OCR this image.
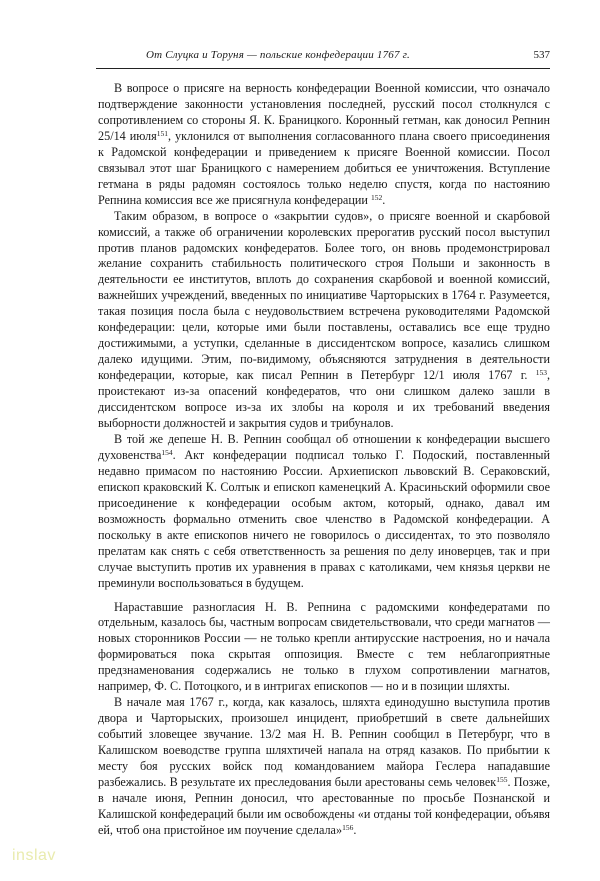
От Слуцка и Торуня — польские конфедерации 1767 г.	537

В вопросе о присяге на верность конфедерации Военной комиссии, что означало подтверждение законности установления последней, русский посол столкнулся с сопротивлением со стороны Я. К. Браницкого. Коронный гетман, как доносил Репнин 25/14 июля$^{151}$, уклонился от выполнения согласованного плана своего присоединения к Радомской конфедерации и приведением к присяге Военной комиссии. Посол связывал этот шаг Браницкого с намерением добиться ее уничтожения. Вступление гетмана в ряды радомян состоялось только неделю спустя, когда по настоянию Репнина комиссия все же присягнула конфедерации $^{152}$.

Таким образом, в вопросе о «закрытии судов», о присяге военной и скарбовой комиссий, а также об ограничении королевских прерогатив русский посол выступил против планов радомских конфедератов. Более того, он вновь продемонстрировал желание сохранить стабильность политического строя Польши и законность в деятельности ее институтов, вплоть до сохранения скарбовой и военной комиссий, важнейших учреждений, введенных по инициативе Чарторыских в 1764 г. Разумеется, такая позиция посла была с неудовольствием встречена руководителями Радомской конфедерации: цели, которые ими были поставлены, оставались все еще трудно достижимыми, а уступки, сделанные в диссидентском вопросе, казались слишком далеко идущими. Этим, по-видимому, объясняются затруднения в деятельности конфедерации, которые, как писал Репнин в Петербург 12/1 июля 1767 г. $^{153}$, проистекают из-за опасений конфедератов, что они слишком далеко зашли в диссидентском вопросе из-за их злобы на короля и их требований введения выборности должностей и закрытия судов и трибуналов.

В той же депеше Н. В. Репнин сообщал об отношении к конфедерации высшего духовенства$^{154}$. Акт конфедерации подписал только Г. Подоский, поставленный недавно примасом по настоянию России. Архиепископ львовский В. Сераковский, епископ краковский К. Солтык и епископ каменецкий А. Красиньский оформили свое присоединение к конфедерации особым актом, который, однако, давал им возможность формально отменить свое членство в Радомской конфедерации. А поскольку в акте епископов ничего не говорилось о диссидентах, то это позволяло прелатам как снять с себя ответственность за решения по делу иноверцев, так и при случае выступить против их уравнения в правах с католиками, чем князья церкви не преминули воспользоваться в будущем.

Нараставшие разногласия Н. В. Репнина с радомскими конфедератами по отдельным, казалось бы, частным вопросам свидетельствовали, что среди магнатов — новых сторонников России — не только крепли антирусские настроения, но и начала формироваться пока скрытая оппозиция. Вместе с тем неблагоприятные предзнаменования содержались не только в глухом сопротивлении магнатов, например, Ф. С. Потоцкого, и в интригах епископов — но и в позиции шляхты.

В начале мая 1767 г., когда, как казалось, шляхта единодушно выступила против двора и Чарторыских, произошел инцидент, приобретший в свете дальнейших событий зловещее звучание. 13/2 мая Н. В. Репнин сообщил в Петербург, что в Калишском воеводстве группа шляхтичей напала на отряд казаков. По прибытии к месту боя русских войск под командованием майора Геслера нападавшие разбежались. В результате их преследования были арестованы семь человек$^{155}$. Позже, в начале июня, Репнин доносил, что арестованные по просьбе Познанской и Калишской конфедераций были им освобождены «и отданы той конфедерации, объявя ей, чтоб она пристойное им поучение сделала»$^{156}$.

inslav
